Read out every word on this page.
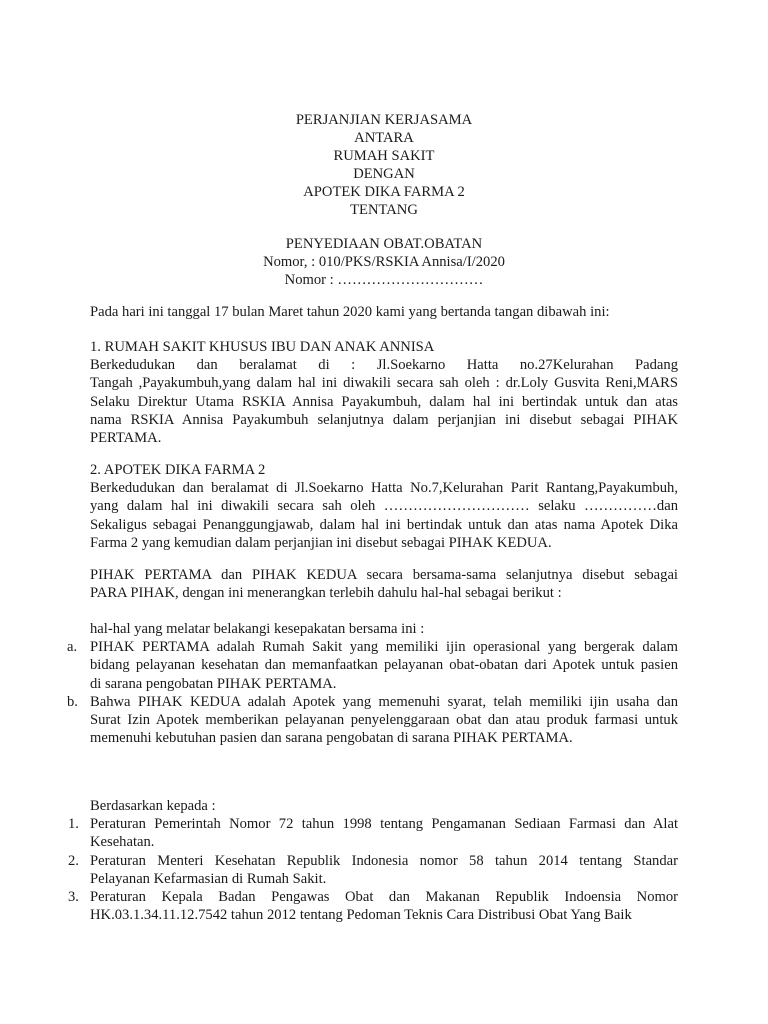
PERJANJIAN KERJASAMA
ANTARA
RUMAH SAKIT
DENGAN
APOTEK DIKA FARMA 2
TENTANG
PENYEDIAAN OBAT.OBATAN
Nomor, : 010/PKS/RSKIA Annisa/I/2020
Nomor : …………………………
Pada hari ini tanggal 17 bulan Maret tahun 2020 kami yang bertanda tangan dibawah ini:
1. RUMAH SAKIT KHUSUS IBU DAN ANAK ANNISA
Berkedudukan dan beralamat di : Jl.Soekarno Hatta no.27Kelurahan Padang
Tangah ,Payakumbuh,yang dalam hal ini diwakili secara sah oleh : dr.Loly Gusvita Reni,MARS
Selaku Direktur Utama RSKIA Annisa Payakumbuh, dalam hal ini bertindak untuk dan atas
nama RSKIA Annisa Payakumbuh selanjutnya dalam perjanjian ini disebut sebagai PIHAK
PERTAMA.
2. APOTEK DIKA FARMA 2
Berkedudukan dan beralamat di Jl.Soekarno Hatta No.7,Kelurahan Parit Rantang,Payakumbuh,
yang dalam hal ini diwakili secara sah oleh ………………………… selaku ……………dan
Sekaligus sebagai Penanggungjawab, dalam hal ini bertindak untuk dan atas nama Apotek Dika
Farma 2 yang kemudian dalam perjanjian ini disebut sebagai PIHAK KEDUA.
PIHAK PERTAMA dan PIHAK KEDUA secara bersama-sama selanjutnya disebut sebagai
PARA PIHAK, dengan ini menerangkan terlebih dahulu hal-hal sebagai berikut :
hal-hal yang melatar belakangi kesepakatan bersama ini :
a. PIHAK PERTAMA adalah Rumah Sakit yang memiliki ijin operasional yang bergerak dalam
bidang pelayanan kesehatan dan memanfaatkan pelayanan obat-obatan dari Apotek untuk pasien
di sarana pengobatan PIHAK PERTAMA.
b. Bahwa PIHAK KEDUA adalah Apotek yang memenuhi syarat, telah memiliki ijin usaha dan
Surat Izin Apotek memberikan pelayanan penyelenggaraan obat dan atau produk farmasi untuk
memenuhi kebutuhan pasien dan sarana pengobatan di sarana PIHAK PERTAMA.
Berdasarkan kepada :
1. Peraturan Pemerintah Nomor 72 tahun 1998 tentang Pengamanan Sediaan Farmasi dan Alat
Kesehatan.
2. Peraturan Menteri Kesehatan Republik Indonesia nomor 58 tahun 2014 tentang Standar
Pelayanan Kefarmasian di Rumah Sakit.
3. Peraturan Kepala Badan Pengawas Obat dan Makanan Republik Indoensia Nomor
HK.03.1.34.11.12.7542 tahun 2012 tentang Pedoman Teknis Cara Distribusi Obat Yang Baik
